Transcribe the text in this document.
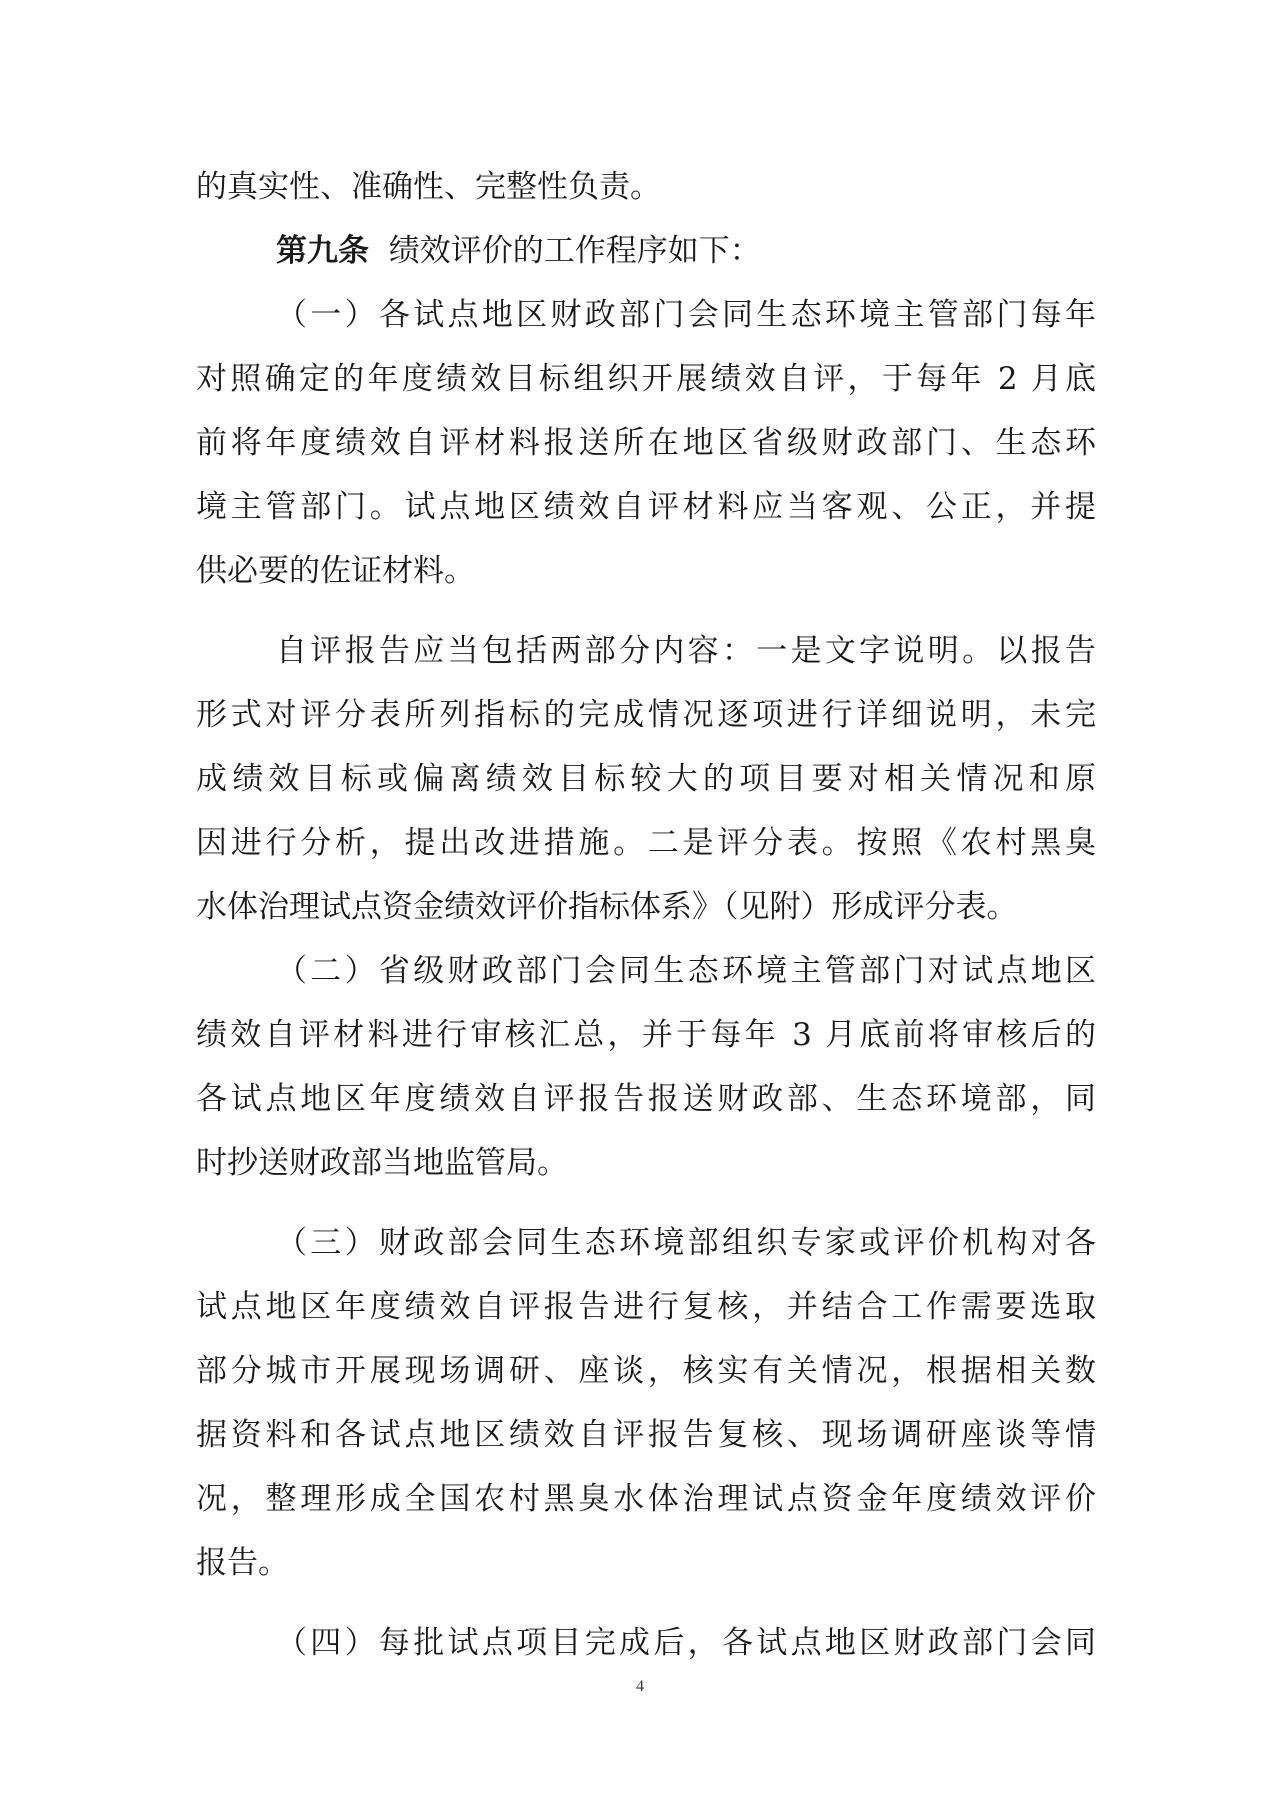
的真实性、准确性、完整性负责。
第九条 绩效评价的工作程序如下：
（一）各试点地区财政部门会同生态环境主管部门每年
对照确定的年度绩效目标组织开展绩效自评，于每年 2 月底
前将年度绩效自评材料报送所在地区省级财政部门、生态环
境主管部门。试点地区绩效自评材料应当客观、公正，并提
供必要的佐证材料。
自评报告应当包括两部分内容：一是文字说明。以报告
形式对评分表所列指标的完成情况逐项进行详细说明，未完
成绩效目标或偏离绩效目标较大的项目要对相关情况和原
因进行分析，提出改进措施。二是评分表。按照《农村黑臭
水体治理试点资金绩效评价指标体系》（见附）形成评分表。
（二）省级财政部门会同生态环境主管部门对试点地区
绩效自评材料进行审核汇总，并于每年 3 月底前将审核后的
各试点地区年度绩效自评报告报送财政部、生态环境部，同
时抄送财政部当地监管局。
（三）财政部会同生态环境部组织专家或评价机构对各
试点地区年度绩效自评报告进行复核，并结合工作需要选取
部分城市开展现场调研、座谈，核实有关情况，根据相关数
据资料和各试点地区绩效自评报告复核、现场调研座谈等情
况，整理形成全国农村黑臭水体治理试点资金年度绩效评价
报告。
（四）每批试点项目完成后，各试点地区财政部门会同
4
